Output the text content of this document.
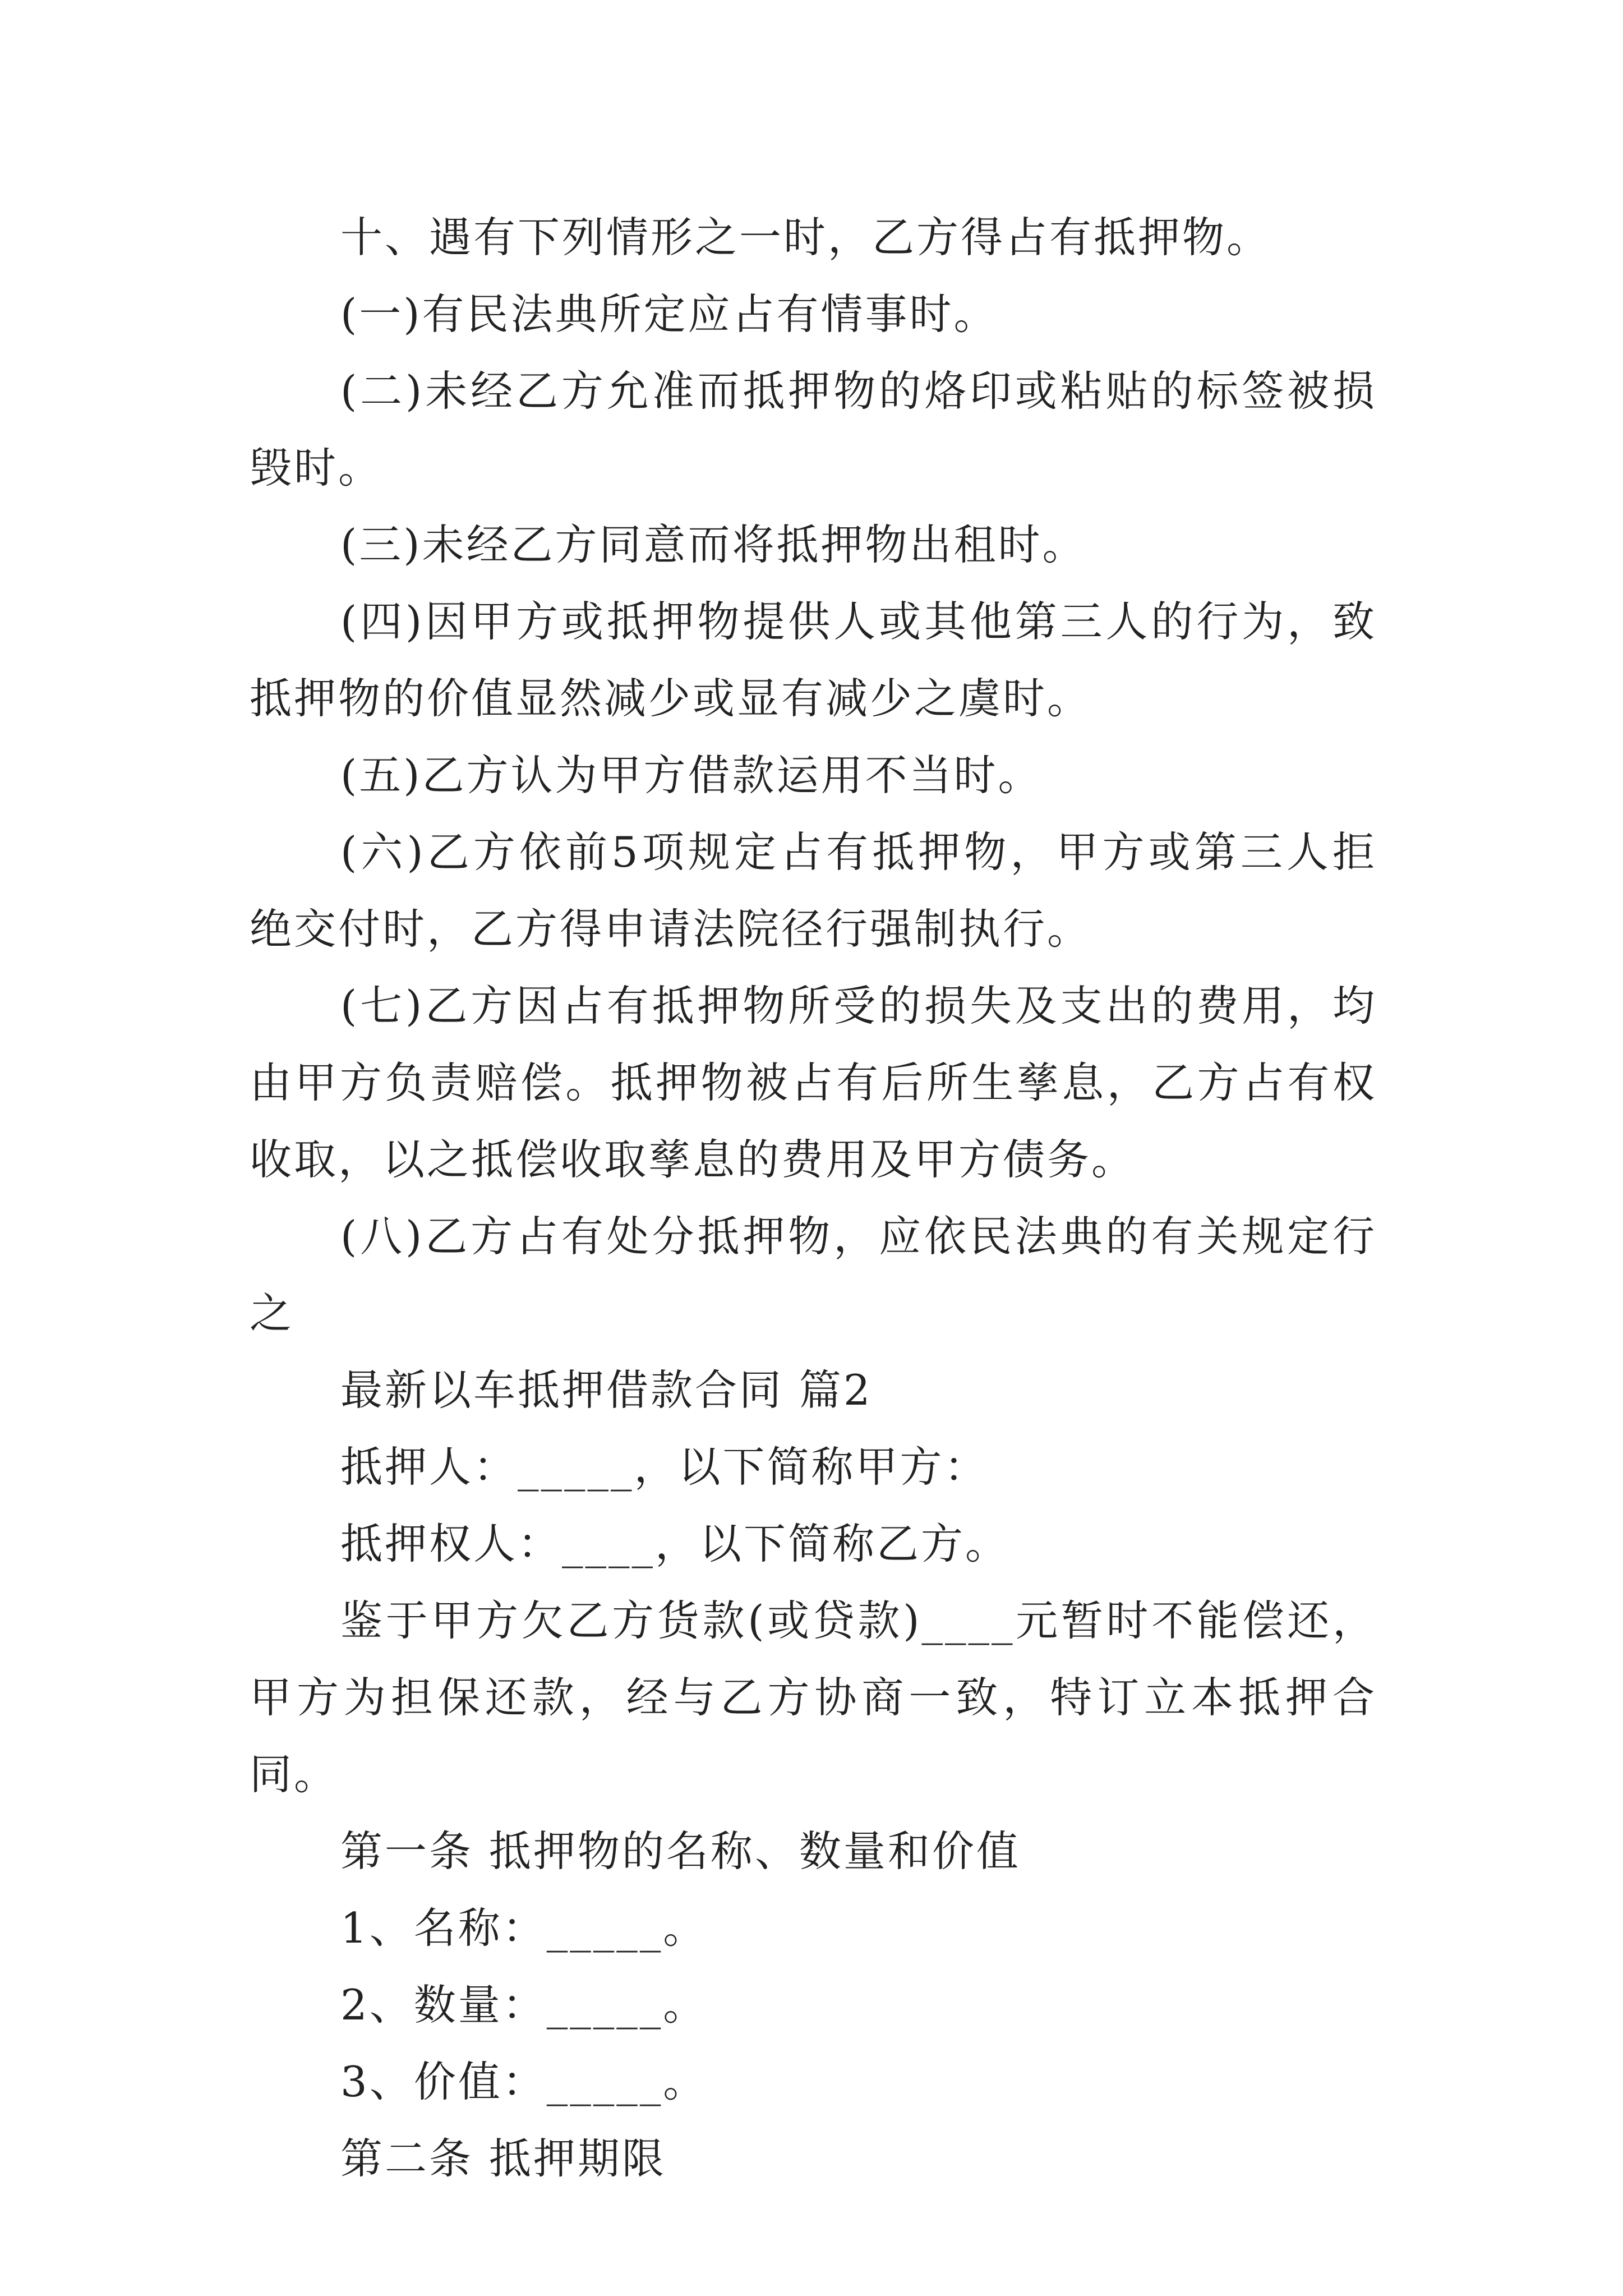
十、遇有下列情形之一时，乙方得占有抵押物。

(一)有民法典所定应占有情事时。

(二)未经乙方允准而抵押物的烙印或粘贴的标签被损毁时。

(三)未经乙方同意而将抵押物出租时。

(四)因甲方或抵押物提供人或其他第三人的行为，致抵押物的价值显然减少或显有减少之虞时。

(五)乙方认为甲方借款运用不当时。

(六)乙方依前5项规定占有抵押物，甲方或第三人拒绝交付时，乙方得申请法院径行强制执行。

(七)乙方因占有抵押物所受的损失及支出的费用，均由甲方负责赔偿。抵押物被占有后所生孳息，乙方占有权收取，以之抵偿收取孳息的费用及甲方债务。

(八)乙方占有处分抵押物，应依民法典的有关规定行之

最新以车抵押借款合同 篇2

抵押人：_____，以下简称甲方：

抵押权人：____，以下简称乙方。

鉴于甲方欠乙方货款(或贷款)____元暂时不能偿还，甲方为担保还款，经与乙方协商一致，特订立本抵押合同。

第一条 抵押物的名称、数量和价值

1、名称：_____。

2、数量：_____。

3、价值：_____。

第二条 抵押期限
